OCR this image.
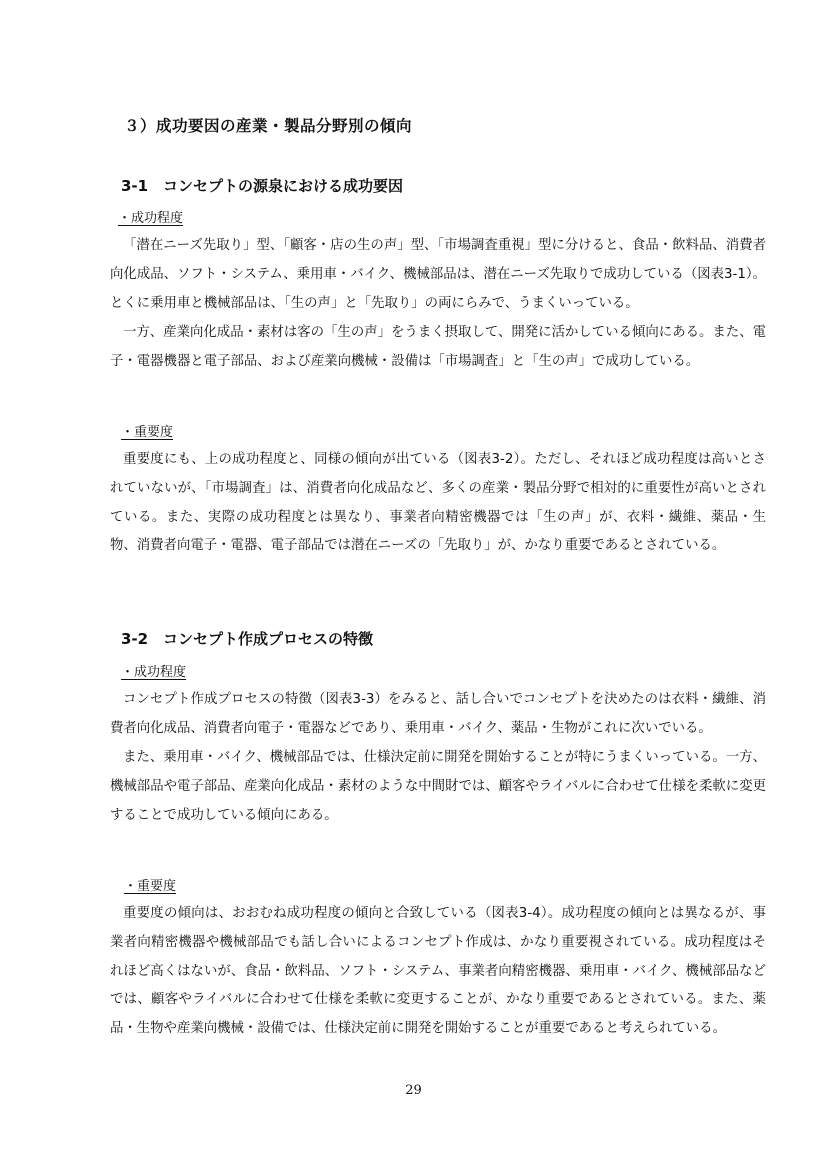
３）成功要因の産業・製品分野別の傾向
3-1 コンセプトの源泉における成功要因
・成功程度

「潜在ニーズ先取り」型、「顧客・店の生の声」型、「市場調査重視」型に分けると、食品・飲料品、消費者向化成品、ソフト・システム、乗用車・バイク、機械部品は、潜在ニーズ先取りで成功している（図表3-1）。とくに乗用車と機械部品は、「生の声」と「先取り」の両にらみで、うまくいっている。

一方、産業向化成品・素材は客の「生の声」をうまく摂取して、開発に活かしている傾向にある。また、電子・電器機器と電子部品、および産業向機械・設備は「市場調査」と「生の声」で成功している。

・重要度

重要度にも、上の成功程度と、同様の傾向が出ている（図表3-2）。ただし、それほど成功程度は高いとされていないが、「市場調査」は、消費者向化成品など、多くの産業・製品分野で相対的に重要性が高いとされている。また、実際の成功程度とは異なり、事業者向精密機器では「生の声」が、衣料・繊維、薬品・生物、消費者向電子・電器、電子部品では潜在ニーズの「先取り」が、かなり重要であるとされている。

3-2 コンセプト作成プロセスの特徴
・成功程度

コンセプト作成プロセスの特徴（図表3-3）をみると、話し合いでコンセプトを決めたのは衣料・繊維、消費者向化成品、消費者向電子・電器などであり、乗用車・バイク、薬品・生物がこれに次いでいる。

また、乗用車・バイク、機械部品では、仕様決定前に開発を開始することが特にうまくいっている。一方、機械部品や電子部品、産業向化成品・素材のような中間財では、顧客やライバルに合わせて仕様を柔軟に変更することで成功している傾向にある。

・重要度

重要度の傾向は、おおむね成功程度の傾向と合致している（図表3-4）。成功程度の傾向とは異なるが、事業者向精密機器や機械部品でも話し合いによるコンセプト作成は、かなり重要視されている。成功程度はそれほど高くはないが、食品・飲料品、ソフト・システム、事業者向精密機器、乗用車・バイク、機械部品などでは、顧客やライバルに合わせて仕様を柔軟に変更することが、かなり重要であるとされている。また、薬品・生物や産業向機械・設備では、仕様決定前に開発を開始することが重要であると考えられている。

29
